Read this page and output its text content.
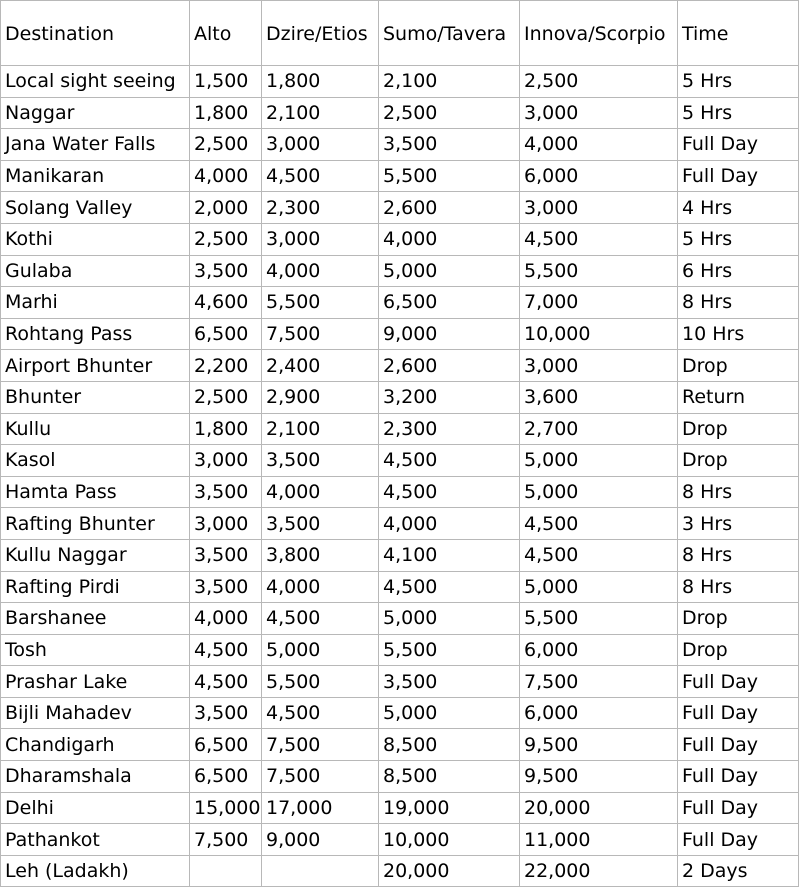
Destination	Alto	Dzire/Etios	Sumo/Tavera	Innova/Scorpio	Time
Local sight seeing	1,500	1,800	2,100	2,500	5 Hrs
Naggar	1,800	2,100	2,500	3,000	5 Hrs
Jana Water Falls	2,500	3,000	3,500	4,000	Full Day
Manikaran	4,000	4,500	5,500	6,000	Full Day
Solang Valley	2,000	2,300	2,600	3,000	4 Hrs
Kothi	2,500	3,000	4,000	4,500	5 Hrs
Gulaba	3,500	4,000	5,000	5,500	6 Hrs
Marhi	4,600	5,500	6,500	7,000	8 Hrs
Rohtang Pass	6,500	7,500	9,000	10,000	10 Hrs
Airport Bhunter	2,200	2,400	2,600	3,000	Drop
Bhunter	2,500	2,900	3,200	3,600	Return
Kullu	1,800	2,100	2,300	2,700	Drop
Kasol	3,000	3,500	4,500	5,000	Drop
Hamta Pass	3,500	4,000	4,500	5,000	8 Hrs
Rafting Bhunter	3,000	3,500	4,000	4,500	3 Hrs
Kullu Naggar	3,500	3,800	4,100	4,500	8 Hrs
Rafting Pirdi	3,500	4,000	4,500	5,000	8 Hrs
Barshanee	4,000	4,500	5,000	5,500	Drop
Tosh	4,500	5,000	5,500	6,000	Drop
Prashar Lake	4,500	5,500	3,500	7,500	Full Day
Bijli Mahadev	3,500	4,500	5,000	6,000	Full Day
Chandigarh	6,500	7,500	8,500	9,500	Full Day
Dharamshala	6,500	7,500	8,500	9,500	Full Day
Delhi	15,000	17,000	19,000	20,000	Full Day
Pathankot	7,500	9,000	10,000	11,000	Full Day
Leh (Ladakh)			20,000	22,000	2 Days
